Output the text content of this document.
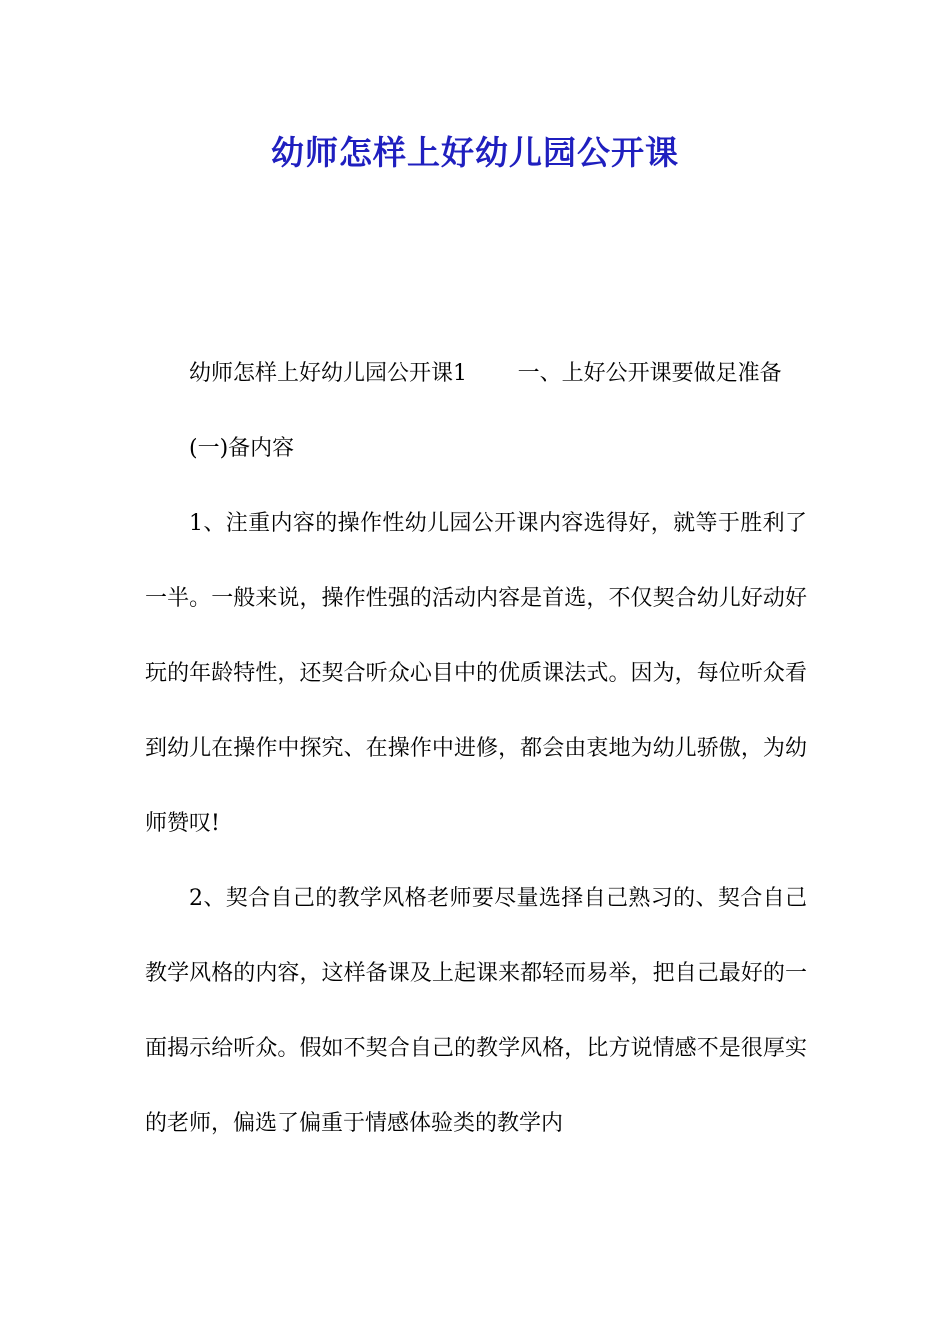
幼师怎样上好幼儿园公开课

幼师怎样上好幼儿园公开课1 一、上好公开课要做足准备

(一)备内容

1、注重内容的操作性幼儿园公开课内容选得好，就等于胜利了一半。一般来说，操作性强的活动内容是首选，不仅契合幼儿好动好玩的年龄特性，还契合听众心目中的优质课法式。因为，每位听众看到幼儿在操作中探究、在操作中进修，都会由衷地为幼儿骄傲，为幼师赞叹!

2、契合自己的教学风格老师要尽量选择自己熟习的、契合自己教学风格的内容，这样备课及上起课来都轻而易举，把自己最好的一面揭示给听众。假如不契合自己的教学风格，比方说情感不是很厚实的老师，偏选了偏重于情感体验类的教学内
